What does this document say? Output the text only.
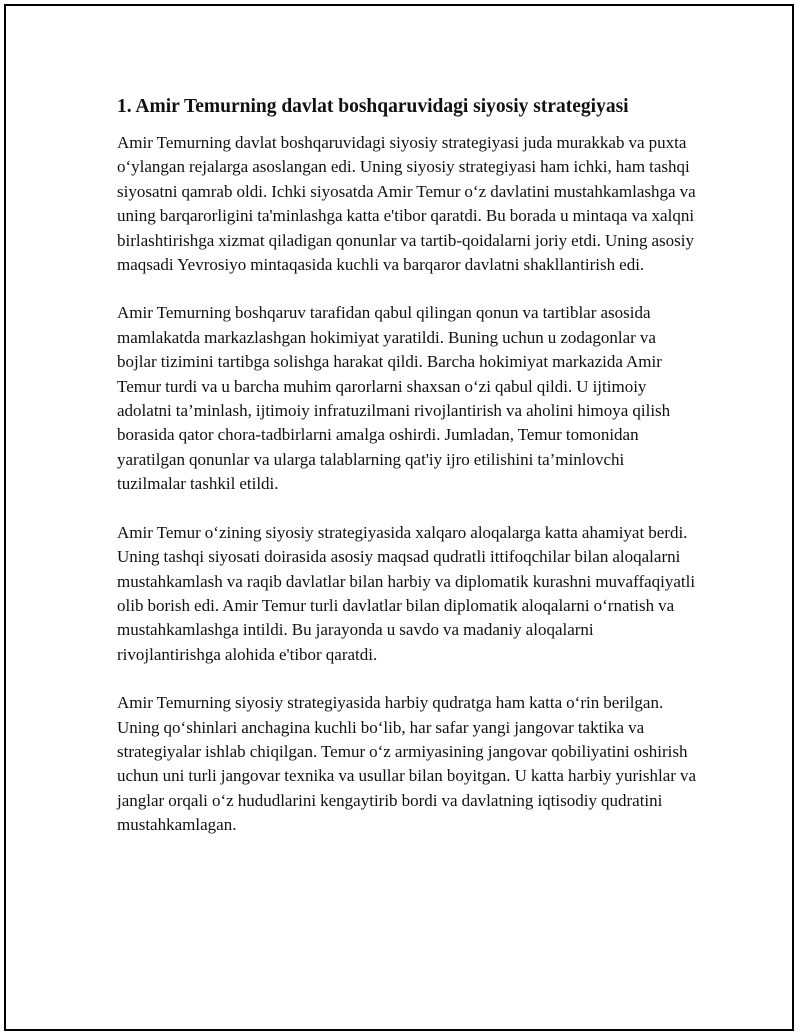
1. Amir Temurning davlat boshqaruvidagi siyosiy strategiyasi

Amir Temurning davlat boshqaruvidagi siyosiy strategiyasi juda murakkab va puxta o‘ylangan rejalarga asoslangan edi. Uning siyosiy strategiyasi ham ichki, ham tashqi siyosatni qamrab oldi. Ichki siyosatda Amir Temur o‘z davlatini mustahkamlashga va uning barqarorligini ta'minlashga katta e'tibor qaratdi. Bu borada u mintaqa va xalqni birlashtirishga xizmat qiladigan qonunlar va tartib-qoidalarni joriy etdi. Uning asosiy maqsadi Yevrosiyo mintaqasida kuchli va barqaror davlatni shakllantirish edi.

Amir Temurning boshqaruv tarafidan qabul qilingan qonun va tartiblar asosida mamlakatda markazlashgan hokimiyat yaratildi. Buning uchun u zodagonlar va bojlar tizimini tartibga solishga harakat qildi. Barcha hokimiyat markazida Amir Temur turdi va u barcha muhim qarorlarni shaxsan o‘zi qabul qildi. U ijtimoiy adolatni ta’minlash, ijtimoiy infratuzilmani rivojlantirish va aholini himoya qilish borasida qator chora-tadbirlarni amalga oshirdi. Jumladan, Temur tomonidan yaratilgan qonunlar va ularga talablarning qat'iy ijro etilishini ta’minlovchi tuzilmalar tashkil etildi.

Amir Temur o‘zining siyosiy strategiyasida xalqaro aloqalarga katta ahamiyat berdi. Uning tashqi siyosati doirasida asosiy maqsad qudratli ittifoqchilar bilan aloqalarni mustahkamlash va raqib davlatlar bilan harbiy va diplomatik kurashni muvaffaqiyatli olib borish edi. Amir Temur turli davlatlar bilan diplomatik aloqalarni o‘rnatish va mustahkamlashga intildi. Bu jarayonda u savdo va madaniy aloqalarni rivojlantirishga alohida e'tibor qaratdi.

Amir Temurning siyosiy strategiyasida harbiy qudratga ham katta o‘rin berilgan. Uning qo‘shinlari anchagina kuchli bo‘lib, har safar yangi jangovar taktika va strategiyalar ishlab chiqilgan. Temur o‘z armiyasining jangovar qobiliyatini oshirish uchun uni turli jangovar texnika va usullar bilan boyitgan. U katta harbiy yurishlar va janglar orqali o‘z hududlarini kengaytirib bordi va davlatning iqtisodiy qudratini mustahkamlagan.
